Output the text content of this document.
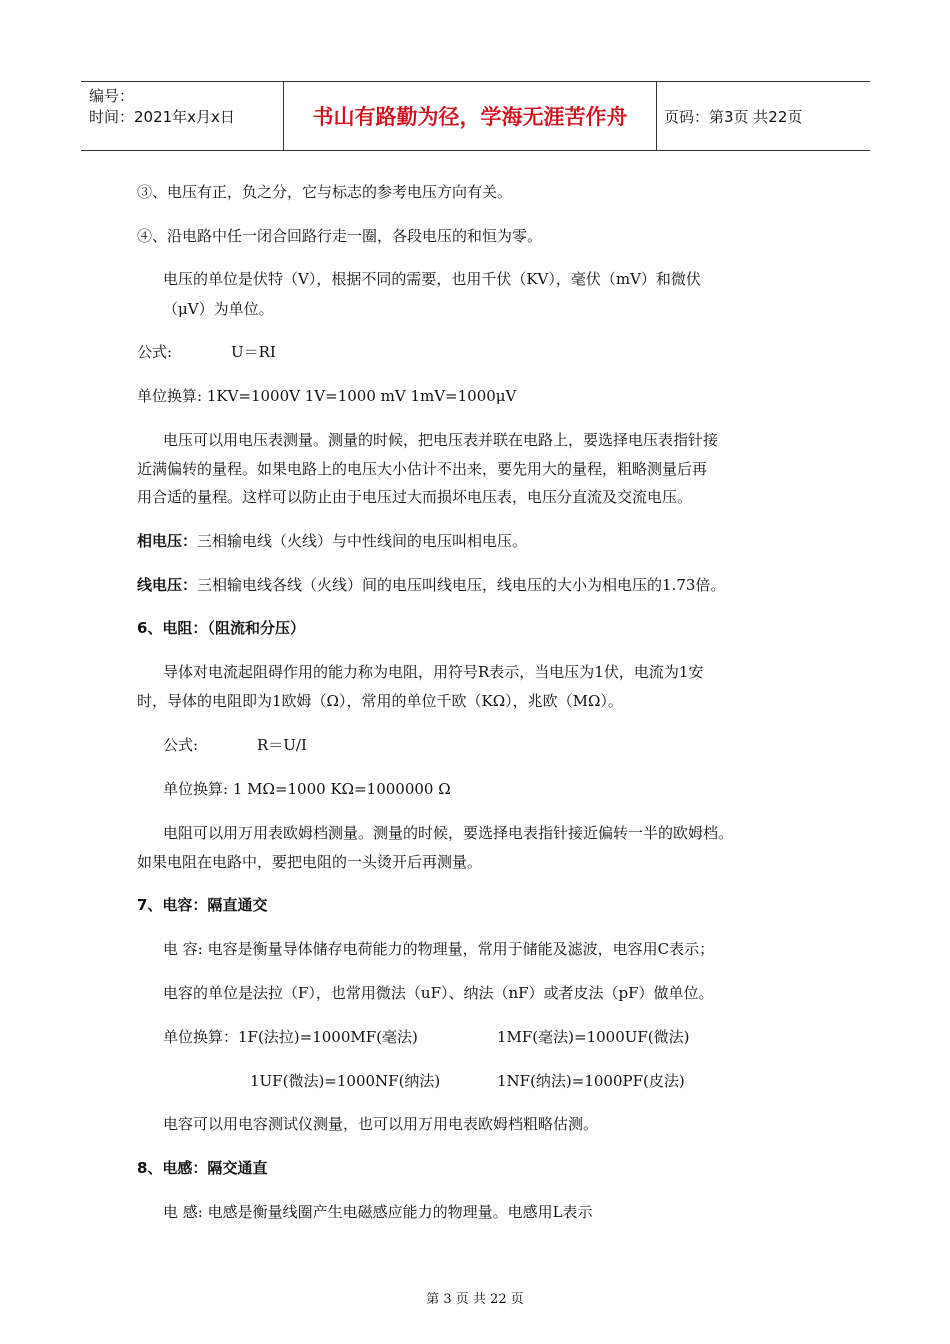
编号：
时间：2021年x月x日	书山有路勤为径，学海无涯苦作舟	页码：第3页 共22页
③、电压有正，负之分，它与标志的参考电压方向有关。
④、沿电路中任一闭合回路行走一圈，各段电压的和恒为零。
电压的单位是伏特（V），根据不同的需要，也用千伏（KV），毫伏（mV）和微伏
（μV）为单位。
公式:	U＝RI
单位换算: 1KV=1000V 1V=1000 mV 1mV=1000μV
电压可以用电压表测量。测量的时候，把电压表并联在电路上，要选择电压表指针接
近满偏转的量程。如果电路上的电压大小估计不出来，要先用大的量程，粗略测量后再
用合适的量程。这样可以防止由于电压过大而损坏电压表，电压分直流及交流电压。
相电压：三相输电线（火线）与中性线间的电压叫相电压。
线电压：三相输电线各线（火线）间的电压叫线电压，线电压的大小为相电压的1.73倍。
6、电阻：（阻流和分压）
导体对电流起阻碍作用的能力称为电阻，用符号R表示，当电压为1伏，电流为1安
时，导体的电阻即为1欧姆（Ω），常用的单位千欧（KΩ），兆欧（MΩ）。
公式:	R＝U/I
单位换算: 1 MΩ=1000 KΩ=1000000 Ω
电阻可以用万用表欧姆档测量。测量的时候，要选择电表指针接近偏转一半的欧姆档。
如果电阻在电路中，要把电阻的一头烫开后再测量。
7、电容：隔直通交
电 容: 电容是衡量导体储存电荷能力的物理量，常用于储能及滤波，电容用C表示；
电容的单位是法拉（F），也常用微法（uF）、纳法（nF）或者皮法（pF）做单位。
单位换算：1F(法拉)=1000MF(毫法)	1MF(毫法)=1000UF(微法)
1UF(微法)=1000NF(纳法)	1NF(纳法)=1000PF(皮法)
电容可以用电容测试仪测量，也可以用万用电表欧姆档粗略估测。
8、电感：隔交通直
电 感: 电感是衡量线圈产生电磁感应能力的物理量。电感用L表示
第 3 页 共 22 页
